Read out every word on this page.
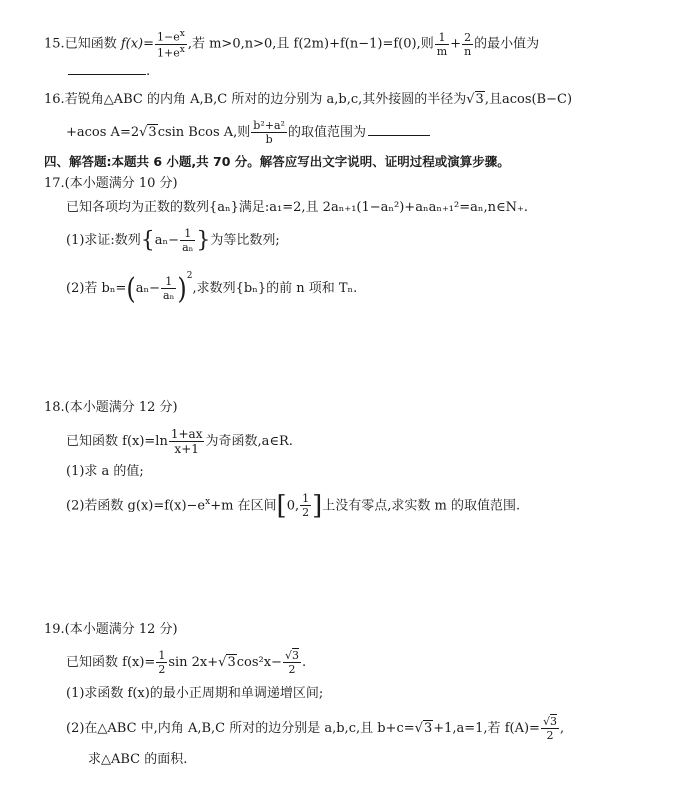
15.已知函数 $f(x)= \frac{1-e^x}{1+e^x}$ ,若 m>0,n>0,且 f(2m)+f(n−1)=f(0),则 $\frac{1}{m} + \frac{2}{n}$ 的最小值为
.
16.若锐角△ABC 的内角 A,B,C 所对的边分别为 a,b,c,其外接圆的半径为√3,且acos(B−C)
+acos A=2√3csin Bcos A,则 $\frac{\text{b²+a²}}{b}$ 的取值范围为
四、解答题:本题共 6 小题,共 70 分。解答应写出文字说明、证明过程或演算步骤。
17.(本小题满分 10 分)
已知各项均为正数的数列{aₙ}满足:a₁=2,且 2aₙ₊₁(1−aₙ²)+aₙaₙ₊₁²=aₙ,n∈N₊.
(1)求证:数列{$a_n- \frac{1}{\text{aₙ}}$ }为等比数列;
(2)若 $b_n=(a_n- \frac{1}{\text{aₙ}} )^2$,求数列{bₙ}的前 n 项和 Tₙ.
18.(本小题满分 12 分)
已知函数 $f(x)=\ln \frac{1+ax}{x+1}$ 为奇函数,a∈R.
(1)求 a 的值;
(2)若函数 $g(x)=f(x)-e^x+m$ 在区间[0, $\frac{1}{2}$ ]上没有零点,求实数 m 的取值范围.
19.(本小题满分 12 分)
已知函数 $f(x)= \frac{1}{2}$ $\sin 2x+√3\cos^2x- \frac{√3}{2}$ .
(1)求函数 f(x)的最小正周期和单调递增区间;
(2)在△ABC 中,内角 A,B,C 所对的边分别是 a,b,c,且 b+c=√3+1,a=1,若 $f(A)= \frac{√3}{2}$ ,
求△ABC 的面积.
